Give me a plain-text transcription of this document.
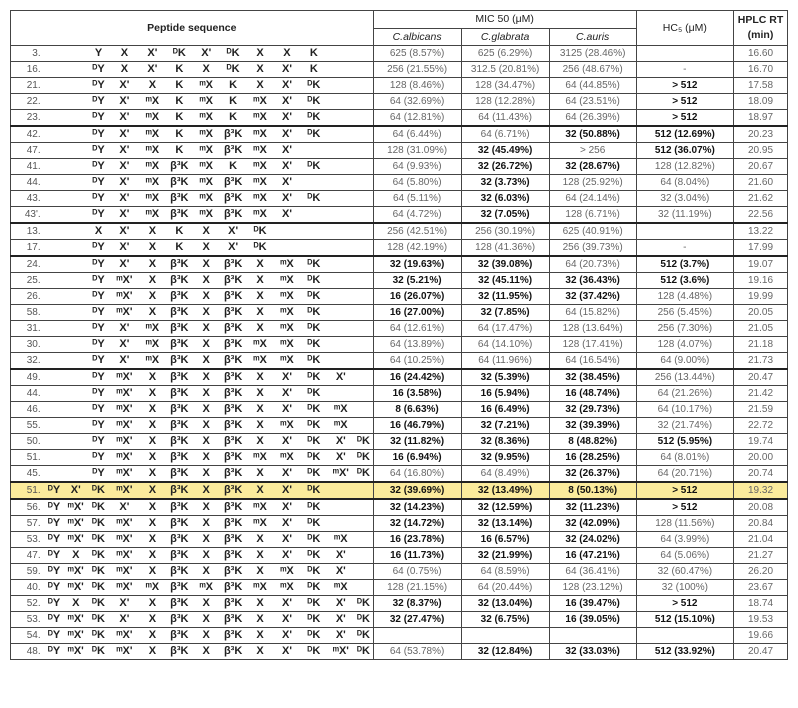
Peptide sequence														MIC 50 (μM)			HC₅ (μM)	HPLC RT
(min)

														C.albicans	C.glabrata	C.auris		
3.			Y	X	X'	ᴰK	X'	ᴰK	X	X	K			625 (8.57%)	625 (6.29%)	3125 (28.46%)		16.60
16.			ᴰY	X	X'	K	X	ᴰK	X	X'	K			256 (21.55%)	312.5 (20.81%)	256 (48.67%)	-	16.70
21.			ᴰY	X'	X	K	ᵐX	K	X	X'	ᴰK			128 (8.46%)	128 (34.47%)	64 (44.85%)	> 512	17.58
22.			ᴰY	X'	ᵐX	K	ᵐX	K	ᵐX	X'	ᴰK			64 (32.69%)	128 (12.28%)	64 (23.51%)	> 512	18.09
23.			ᴰY	X'	ᵐX	K	ᵐX	K	ᵐX	X'	ᴰK			64 (12.81%)	64 (11.43%)	64 (26.39%)	> 512	18.97
42.			ᴰY	X'	ᵐX	K	ᵐX	β³K	ᵐX	X'	ᴰK			64 (6.44%)	64 (6.71%)	32 (50.88%)	512 (12.69%)	20.23
47.			ᴰY	X'	ᵐX	K	ᵐX	β³K	ᵐX	X'				128 (31.09%)	32 (45.49%)	> 256	512 (36.07%)	20.95
41.			ᴰY	X'	ᵐX	β³K	ᵐX	K	ᵐX	X'	ᴰK			64 (9.93%)	32 (26.72%)	32 (28.67%)	128 (12.82%)	20.67
44.			ᴰY	X'	ᵐX	β³K	ᵐX	β³K	ᵐX	X'				64 (5.80%)	32 (3.73%)	128 (25.92%)	64 (8.04%)	21.60
43.			ᴰY	X'	ᵐX	β³K	ᵐX	β³K	ᵐX	X'	ᴰK			64 (5.11%)	32 (6.03%)	64 (24.14%)	32 (3.04%)	21.62
43'.			ᴰY	X'	ᵐX	β³K	ᵐX	β³K	ᵐX	X'				64 (4.72%)	32 (7.05%)	128 (6.71%)	32 (11.19%)	22.56
13.			X	X'	X	K	X	X'	ᴰK					256 (42.51%)	256 (30.19%)	625 (40.91%)		13.22
17.			ᴰY	X'	X	K	X	X'	ᴰK					128 (42.19%)	128 (41.36%)	256 (39.73%)	-	17.99
24.			ᴰY	X'	X	β³K	X	β³K	X	ᵐX	ᴰK			32 (19.63%)	32 (39.08%)	64 (20.73%)	512 (3.7%)	19.07
25.			ᴰY	ᵐX'	X	β³K	X	β³K	X	ᵐX	ᴰK			32 (5.21%)	32 (45.11%)	32 (36.43%)	512 (3.6%)	19.16
26.			ᴰY	ᵐX'	X	β³K	X	β³K	X	ᵐX	ᴰK			16 (26.07%)	32 (11.95%)	32 (37.42%)	128 (4.48%)	19.99
58.			ᴰY	ᵐX'	X	β³K	X	β³K	X	ᵐX	ᴰK			16 (27.00%)	32 (7.85%)	64 (15.82%)	256 (5.45%)	20.05
31.			ᴰY	X'	ᵐX	β³K	X	β³K	X	ᵐX	ᴰK			64 (12.61%)	64 (17.47%)	128 (13.64%)	256 (7.30%)	21.05
30.			ᴰY	X'	ᵐX	β³K	X	β³K	ᵐX	ᵐX	ᴰK			64 (13.89%)	64 (14.10%)	128 (17.41%)	128 (4.07%)	21.18
32.			ᴰY	X'	ᵐX	β³K	X	β³K	ᵐX	ᵐX	ᴰK			64 (10.25%)	64 (11.96%)	64 (16.54%)	64 (9.00%)	21.73
49.			ᴰY	ᵐX'	X	β³K	X	β³K	X	X'	ᴰK	X'		16 (24.42%)	32 (5.39%)	32 (38.45%)	256 (13.44%)	20.47
44.			ᴰY	ᵐX'	X	β³K	X	β³K	X	X'	ᴰK			16 (3.58%)	16 (5.94%)	16 (48.74%)	64 (21.26%)	21.42
46.			ᴰY	ᵐX'	X	β³K	X	β³K	X	X'	ᴰK	ᵐX		8 (6.63%)	16 (6.49%)	32 (29.73%)	64 (10.17%)	21.59
55.			ᴰY	ᵐX'	X	β³K	X	β³K	X	ᵐX	ᴰK	ᵐX		16 (46.79%)	32 (7.21%)	32 (39.39%)	32 (21.74%)	22.72
50.			ᴰY	ᵐX'	X	β³K	X	β³K	X	X'	ᴰK	X'	ᴰK	32 (11.82%)	32 (8.36%)	8 (48.82%)	512 (5.95%)	19.74
51.			ᴰY	ᵐX'	X	β³K	X	β³K	ᵐX	ᵐX	ᴰK	X'	ᴰK	16 (6.94%)	32 (9.95%)	16 (28.25%)	64 (8.01%)	20.00
45.			ᴰY	ᵐX'	X	β³K	X	β³K	X	X'	ᴰK	ᵐX'	ᴰK	64 (16.80%)	64 (8.49%)	32 (26.37%)	64 (20.71%)	20.74
51.	ᴰY	X'	ᴰK	ᵐX'	X	β³K	X	β³K	X	X'	ᴰK			32 (39.69%)	32 (13.49%)	8 (50.13%)	> 512	19.32
56.	ᴰY	ᵐX'	ᴰK	X'	X	β³K	X	β³K	ᵐX	X'	ᴰK			32 (14.23%)	32 (12.59%)	32 (11.23%)	> 512	20.08
57.	ᴰY	ᵐX'	ᴰK	ᵐX'	X	β³K	X	β³K	ᵐX	X'	ᴰK			32 (14.72%)	32 (13.14%)	32 (42.09%)	128 (11.56%)	20.84
53.	ᴰY	ᵐX'	ᴰK	ᵐX'	X	β³K	X	β³K	X	X'	ᴰK	ᵐX		16 (23.78%)	16 (6.57%)	32 (24.02%)	64 (3.99%)	21.04
47.	ᴰY	X	ᴰK	ᵐX'	X	β³K	X	β³K	X	X'	ᴰK	X'		16 (11.73%)	32 (21.99%)	16 (47.21%)	64 (5.06%)	21.27
59.	ᴰY	ᵐX'	ᴰK	ᵐX'	X	β³K	X	β³K	X	ᵐX	ᴰK	X'		64 (0.75%)	64 (8.59%)	64 (36.41%)	32 (60.47%)	26.20
40.	ᴰY	ᵐX'	ᴰK	ᵐX'	ᵐX	β³K	ᵐX	β³K	ᵐX	ᵐX	ᴰK	ᵐX		128 (21.15%)	64 (20.44%)	128 (23.12%)	32 (100%)	23.67
52.	ᴰY	X	ᴰK	X'	X	β³K	X	β³K	X	X'	ᴰK	X'	ᴰK	32 (8.37%)	32 (13.04%)	16 (39.47%)	> 512	18.74
53.	ᴰY	ᵐX'	ᴰK	X'	X	β³K	X	β³K	X	X'	ᴰK	X'	ᴰK	32 (27.47%)	32 (6.75%)	16 (39.05%)	512 (15.10%)	19.53
54.	ᴰY	ᵐX'	ᴰK	ᵐX'	X	β³K	X	β³K	X	X'	ᴰK	X'	ᴰK					19.66
48.	ᴰY	ᵐX'	ᴰK	ᵐX'	X	β³K	X	β³K	X	X'	ᴰK	ᵐX'	ᴰK	64 (53.78%)	32 (12.84%)	32 (33.03%)	512 (33.92%)	20.47
